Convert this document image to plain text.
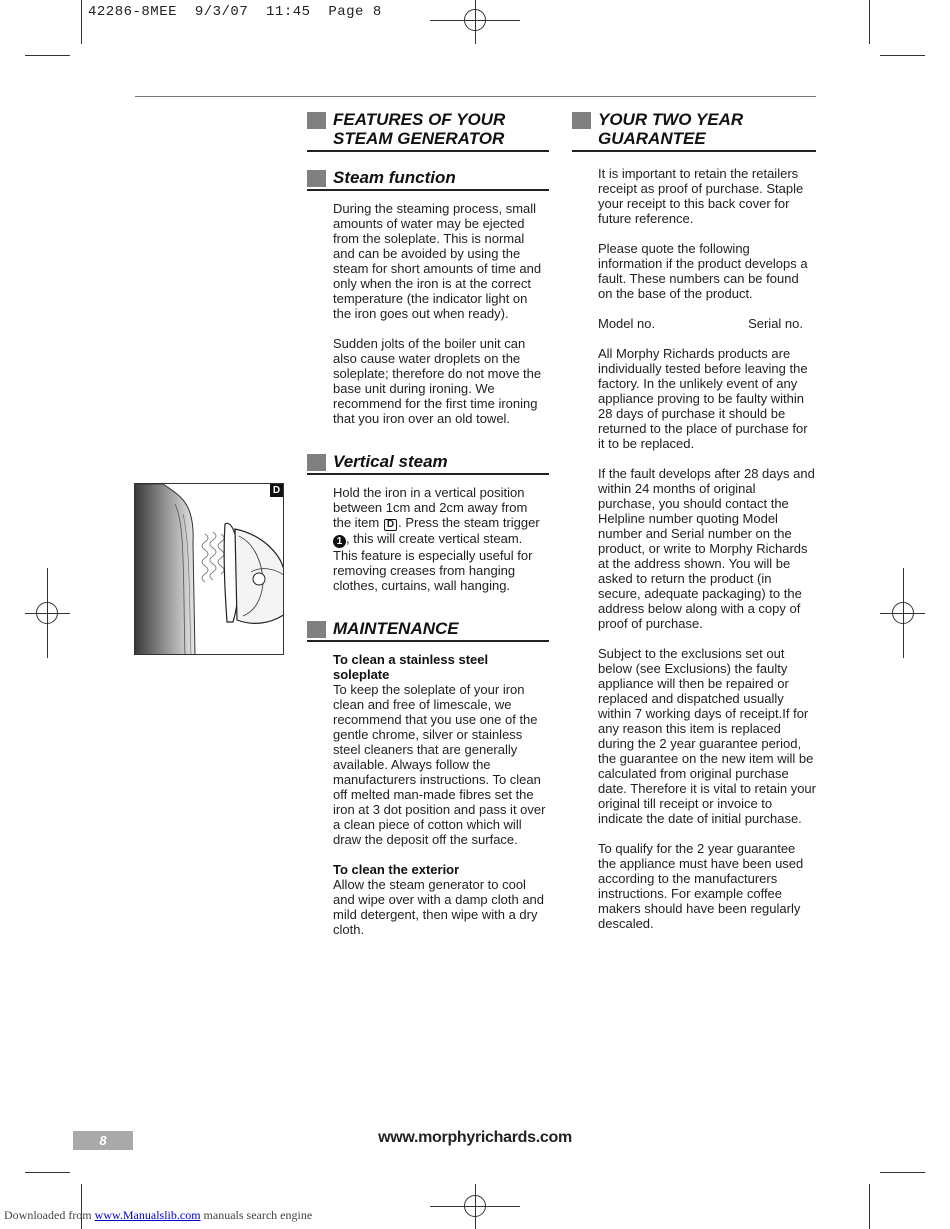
42286-8MEE  9/3/07  11:45  Page 8
FEATURES OF YOUR
STEAM GENERATOR
Steam function

During the steaming process, small amounts of water may be ejected from the soleplate. This is normal and can be avoided by using the steam for short amounts of time and only when the iron is at the correct temperature (the indicator light on the iron goes out when ready).

Sudden jolts of the boiler unit can also cause water droplets on the soleplate; therefore do not move the base unit during ironing. We recommend for the first time ironing that you iron over an old towel.

Vertical steam

Hold the iron in a vertical position between 1cm and 2cm away from the item D . Press the steam trigger 1 , this will create vertical steam. This feature is especially useful for removing creases from hanging clothes, curtains, wall hanging.

MAINTENANCE

To clean a stainless steel
soleplate
To keep the soleplate of your iron clean and free of limescale, we recommend that you use one of the gentle chrome, silver or stainless steel cleaners that are generally available. Always follow the manufacturers instructions. To clean off melted man-made fibres set the iron at 3 dot position and pass it over a clean piece of cotton which will draw the deposit off the surface.

To clean the exterior
Allow the steam generator to cool and wipe over with a damp cloth and mild detergent, then wipe with a dry cloth.

D
YOUR TWO YEAR
GUARANTEE

It is important to retain the retailers receipt as proof of purchase. Staple your receipt to this back cover for future reference.

Please quote the following information if the product develops a fault. These numbers can be found on the base of the product.

Model no.	Serial no.

All Morphy Richards products are individually tested before leaving the factory. In the unlikely event of any appliance proving to be faulty within 28 days of purchase it should be returned to the place of purchase for it to be replaced.

If the fault develops after 28 days and within 24 months of original purchase, you should contact the Helpline number quoting Model number and Serial number on the product, or write to Morphy Richards at the address shown. You will be asked to return the product (in secure, adequate packaging) to the address below along with a copy of proof of purchase.

Subject to the exclusions set out below (see Exclusions) the faulty appliance will then be repaired or replaced and dispatched usually within 7 working days of receipt.If for any reason this item is replaced during the 2 year guarantee period, the guarantee on the new item will be calculated from original purchase date. Therefore it is vital to retain your original till receipt or invoice to indicate the date of initial purchase.

To qualify for the 2 year guarantee the appliance must have been used according to the manufacturers instructions. For example coffee makers should have been regularly descaled.

8	www.morphyrichards.com
Downloaded from www.Manualslib.com manuals search engine
